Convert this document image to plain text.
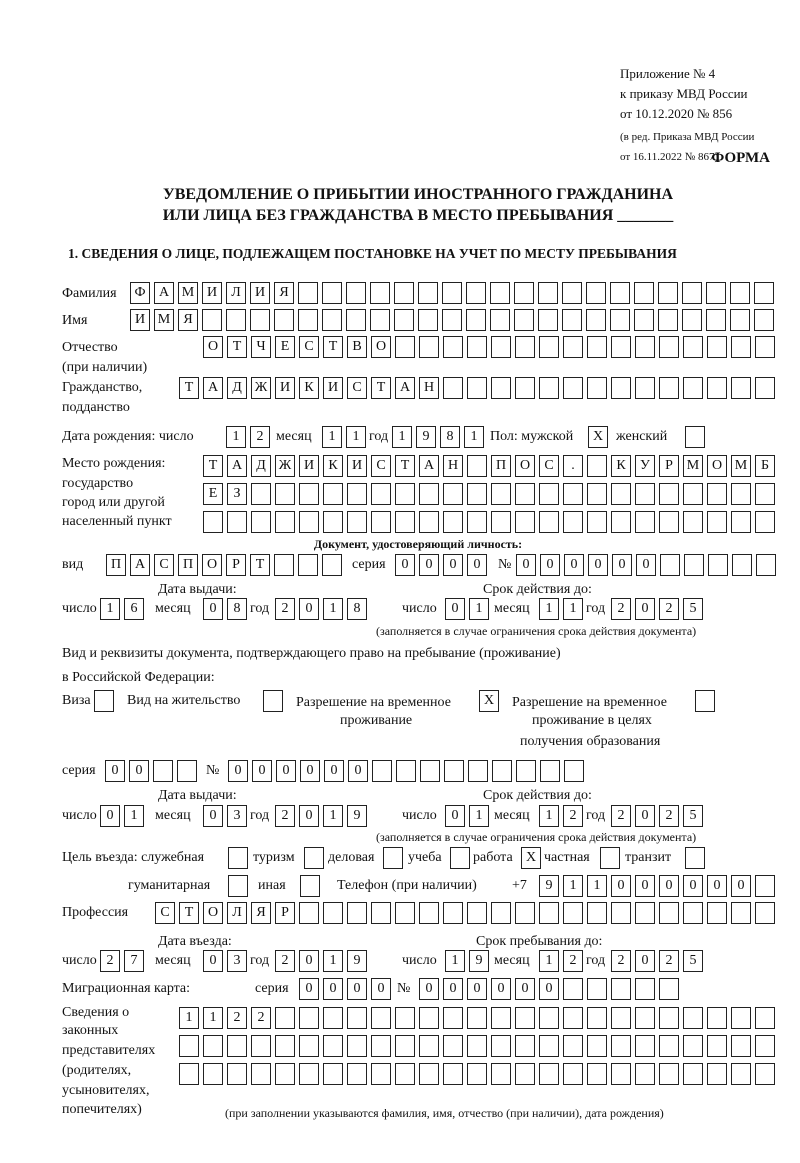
Приложение № 4
к приказу МВД России
от 10.12.2020 № 856
(в ред. Приказа МВД России
от 16.11.2022 № 867)
ФОРМА
УВЕДОМЛЕНИЕ О ПРИБЫТИИ ИНОСТРАННОГО ГРАЖДАНИНА
ИЛИ ЛИЦА БЕЗ ГРАЖДАНСТВА В МЕСТО ПРЕБЫВАНИЯ _______
1. СВЕДЕНИЯ О ЛИЦЕ, ПОДЛЕЖАЩЕМ ПОСТАНОВКЕ НА УЧЕТ ПО МЕСТУ ПРЕБЫВАНИЯ
Фамилия	Ф А М И	Л	И	Я
Имя	И М Я
Отчество
(при наличии)
О	Т	Ч	Е	С	Т	В	О
Гражданство,
подданство
Т	А	Д Ж И	К	И	С	Т	А Н
Дата рождения: число	1	2 месяц	1	1 год 1	9	8	1 Пол: мужской	X женский
Место рождения:
государство
город или другой
населенный пункт
Т	А	Д Ж И	К	И	С	Т	А Н	П О	С	.	К	У	Р М О М Б
Е	З
Документ, удостоверяющий личность:
вид	П А	С	П О	Р	Т	серия	0	0	0	0	№ 0	0	0	0	0	0
Дата выдачи:	Срок действия до:
число 1	6	месяц	0	8 год 2	0	1	8	число	0	1 месяц	1	1 год 2	0	2	5
(заполняется в случае ограничения срока действия документа)
Вид и реквизиты документа, подтверждающего право на пребывание (проживание)
в Российской Федерации:
Виза	Вид на жительство	Разрешение на временное
проживание
X	Разрешение на временное
проживание в целях
получения образования
серия	0	0	№	0	0	0	0	0	0
Дата выдачи:	Срок действия до:
число 0	1	месяц	0	3 год 2	0	1	9	число	0	1 месяц	1	2 год 2	0	2	5
(заполняется в случае ограничения срока действия документа)
Цель въезда: служебная	туризм деловая учеба работа X частная	транзит
гуманитарная	иная	Телефон (при наличии)	+7	9	1	1	0	0	0	0	0	0
Профессия	С	Т	О	Л	Я	Р
Дата въезда:	Срок пребывания до:
число 2	7	месяц	0	3 год 2	0	1	9	число	1	9 месяц	1	2 год 2	0	2	5
Миграционная карта:	серия	0	0	0	0 №	0	0	0	0	0	0
Сведения о
законных
представителях
(родителях,
усыновителях,
попечителях)
1	1	2	2
(при заполнении указываются фамилия, имя, отчество (при наличии), дата рождения)
